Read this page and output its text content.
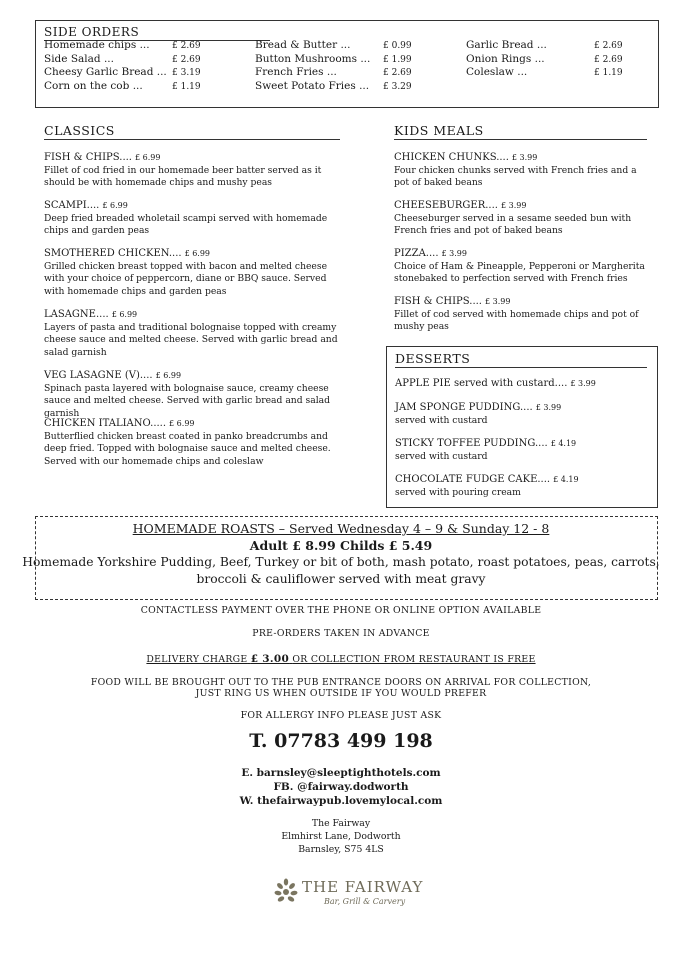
SIDE ORDERS
CLASSICS	KIDS MEALS
DESSERTS
HOMEMADE ROASTS – Served Wednesday 4 – 9 & Sunday 12 - 8
Adult £ 8.99 Childs £ 5.49
Homemade Yorkshire Pudding, Beef, Turkey or bit of both, mash potato, roast potatoes, peas, carrots,
broccoli & cauliflower served with meat gravy
CONTACTLESS PAYMENT OVER THE PHONE OR ONLINE OPTION AVAILABLE
PRE-ORDERS TAKEN IN ADVANCE
DELIVERY CHARGE £ 3.00 OR COLLECTION FROM RESTAURANT IS FREE
FOOD WILL BE BROUGHT OUT TO THE PUB ENTRANCE DOORS ON ARRIVAL FOR COLLECTION,
JUST RING US WHEN OUTSIDE IF YOU WOULD PREFER
FOR ALLERGY INFO PLEASE JUST ASK
T. 07783 499 198
E. barnsley@sleeptighthotels.com
FB. @fairway.dodworth
W. thefairwaypub.lovemylocal.com
The Fairway
Elmhirst Lane, Dodworth
Barnsley, S75 4LS
THE FAIRWAY
Bar, Grill & Carvery
Homemade chips ... £ 2.69
Side Salad ...	£ 2.69
Cheesy Garlic Bread ... £ 3.19
Corn on the cob ...	£ 1.19
Bread & Butter ...	£ 0.99
Button Mushrooms ... £ 1.99
French Fries ...	£ 2.69
Sweet Potato Fries ... £ 3.29
Garlic Bread ...	£ 2.69
Onion Rings ...	£ 2.69
Coleslaw ...	£ 1.19
FISH & CHIPS.... £ 6.99
Fillet of cod fried in our homemade beer batter served as it should be with homemade chips and mushy peas
SCAMPI.... £ 6.99
Deep fried breaded wholetail scampi served with homemade chips and garden peas
SMOTHERED CHICKEN.... £ 6.99
Grilled chicken breast topped with bacon and melted cheese with your choice of peppercorn, diane or BBQ sauce. Served with homemade chips and garden peas
LASAGNE.... £ 6.99
Layers of pasta and traditional bolognaise topped with creamy cheese sauce and melted cheese. Served with garlic bread and salad garnish
VEG LASAGNE (V).... £ 6.99
Spinach pasta layered with bolognaise sauce, creamy cheese sauce and melted cheese. Served with garlic bread and salad garnish
CHICKEN ITALIANO..... £ 6.99
Butterflied chicken breast coated in panko breadcrumbs and deep fried. Topped with bolognaise sauce and melted cheese. Served with our homemade chips and coleslaw
CHICKEN CHUNKS.... £ 3.99
Four chicken chunks served with French fries and a pot of baked beans
CHEESEBURGER.... £ 3.99
Cheeseburger served in a sesame seeded bun with French fries and pot of baked beans
PIZZA.... £ 3.99
Choice of Ham & Pineapple, Pepperoni or Margherita stonebaked to perfection served with French fries
FISH & CHIPS.... £ 3.99
Fillet of cod served with homemade chips and pot of mushy peas
APPLE PIE served with custard.... £ 3.99
JAM SPONGE PUDDING.... £ 3.99
served with custard
STICKY TOFFEE PUDDING.... £ 4.19
served with custard
CHOCOLATE FUDGE CAKE.... £ 4.19
served with pouring cream
